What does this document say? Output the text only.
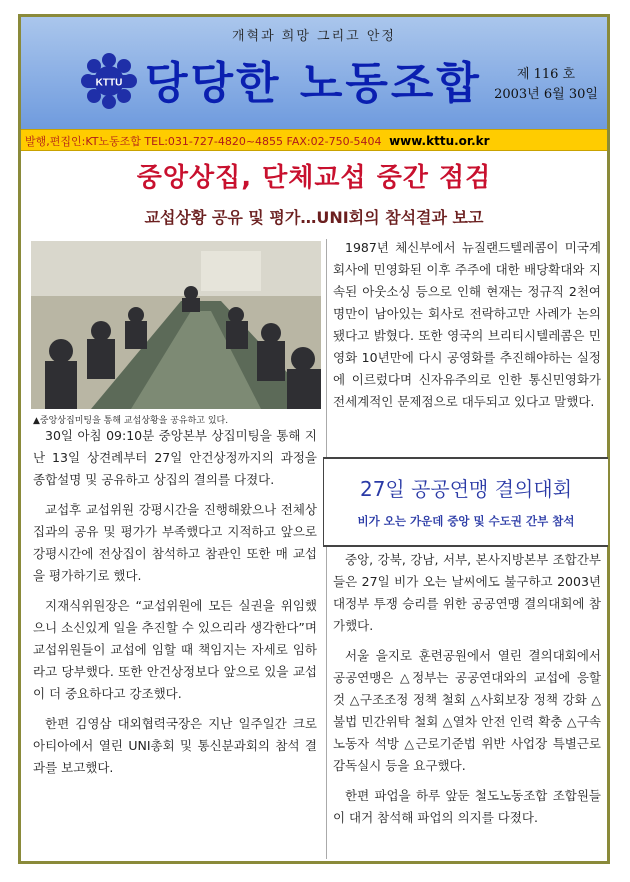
개혁과 희망 그리고 안정
KTTU 당당한 노동조합	제 116 호
2003년 6월 30일
발행,편집인:KT노동조합 TEL:031-727-4820~4855 FAX:02-750-5404 www.kttu.or.kr
중앙상집, 단체교섭 중간 점검
교섭상황 공유 및 평가…UNI회의 참석결과 보고
▲중앙상집미팅을 통해 교섭상황을 공유하고 있다.

30일 아침 09:10분 중앙본부 상집미팅을 통해 지난 13일 상견례부터 27일 안건상정까지의 과정을 종합설명 및 공유하고 상집의 결의를 다졌다.

교섭후 교섭위원 강평시간을 진행해왔으나 전체상집과의 공유 및 평가가 부족했다고 지적하고 앞으로 강평시간에 전상집이 참석하고 참관인 또한 매 교섭을 평가하기로 했다.

지재식위원장은 “교섭위원에 모든 실권을 위임했으니 소신있게 일을 추진할 수 있으리라 생각한다”며 교섭위원들이 교섭에 임할 때 책임지는 자세로 임하라고 당부했다. 또한 안건상정보다 앞으로 있을 교섭이 더 중요하다고 강조했다.

한편 김영삼 대외협력국장은 지난 일주일간 크로아티아에서 열린 UNI총회 및 통신분과회의 참석 결과를 보고했다.

1987년 체신부에서 뉴질랜드텔레콤이 미국계회사에 민영화된 이후 주주에 대한 배당확대와 지속된 아웃소싱 등으로 인해 현재는 정규직 2천여명만이 남아있는 회사로 전락하고만 사례가 논의됐다고 밝혔다. 또한 영국의 브리티시텔레콤은 민영화 10년만에 다시 공영화를 추진해야하는 실정에 이르렀다며 신자유주의로 인한 통신민영화가 전세계적인 문제점으로 대두되고 있다고 말했다.

27일 공공연맹 결의대회
비가 오는 가운데 중앙 및 수도권 간부 참석

중앙, 강북, 강남, 서부, 본사지방본부 조합간부들은 27일 비가 오는 날씨에도 불구하고 2003년 대정부 투쟁 승리를 위한 공공연맹 결의대회에 참가했다.

서울 을지로 훈련공원에서 열린 결의대회에서 공공연맹은 △정부는 공공연대와의 교섭에 응할 것 △구조조정 정책 철회 △사회보장 정책 강화 △불법 민간위탁 철회 △열차 안전 인력 확충 △구속노동자 석방 △근로기준법 위반 사업장 특별근로 감독실시 등을 요구했다.

한편 파업을 하루 앞둔 철도노동조합 조합원들이 대거 참석해 파업의 의지를 다졌다.
